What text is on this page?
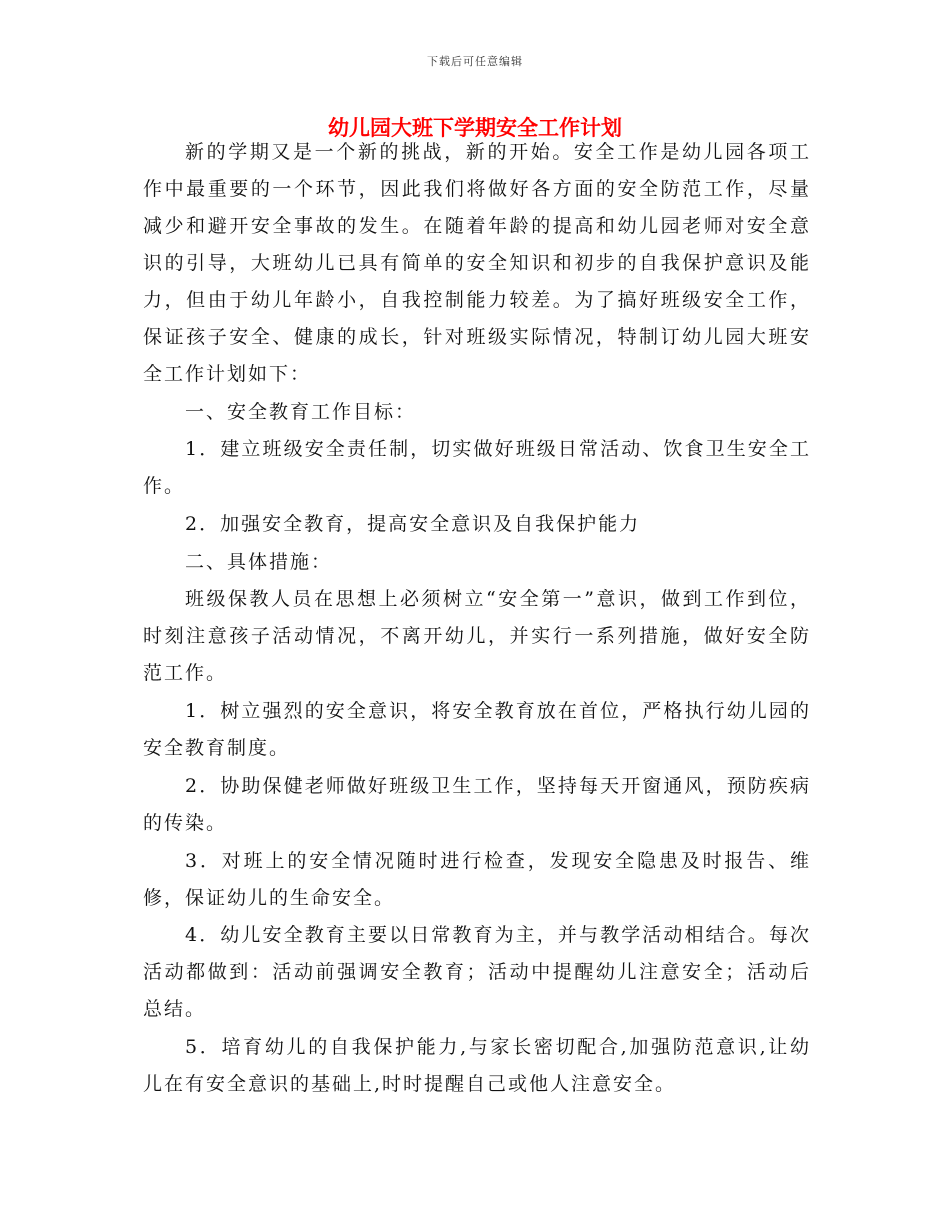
下载后可任意编辑
幼儿园大班下学期安全工作计划

新的学期又是一个新的挑战，新的开始。安全工作是幼儿园各项工作中最重要的一个环节，因此我们将做好各方面的安全防范工作，尽量减少和避开安全事故的发生。在随着年龄的提高和幼儿园老师对安全意识的引导，大班幼儿已具有简单的安全知识和初步的自我保护意识及能力，但由于幼儿年龄小，自我控制能力较差。为了搞好班级安全工作，保证孩子安全、健康的成长，针对班级实际情况，特制订幼儿园大班安全工作计划如下：

一、安全教育工作目标：

1．建立班级安全责任制，切实做好班级日常活动、饮食卫生安全工作。

2．加强安全教育，提高安全意识及自我保护能力

二、具体措施：

班级保教人员在思想上必须树立“安全第一”意识，做到工作到位，时刻注意孩子活动情况，不离开幼儿，并实行一系列措施，做好安全防范工作。

1．树立强烈的安全意识，将安全教育放在首位，严格执行幼儿园的安全教育制度。

2．协助保健老师做好班级卫生工作，坚持每天开窗通风，预防疾病的传染。

3．对班上的安全情况随时进行检查，发现安全隐患及时报告、维修，保证幼儿的生命安全。

4．幼儿安全教育主要以日常教育为主，并与教学活动相结合。每次活动都做到：活动前强调安全教育；活动中提醒幼儿注意安全；活动后总结。

5．培育幼儿的自我保护能力,与家长密切配合,加强防范意识,让幼儿在有安全意识的基础上,时时提醒自己或他人注意安全。
